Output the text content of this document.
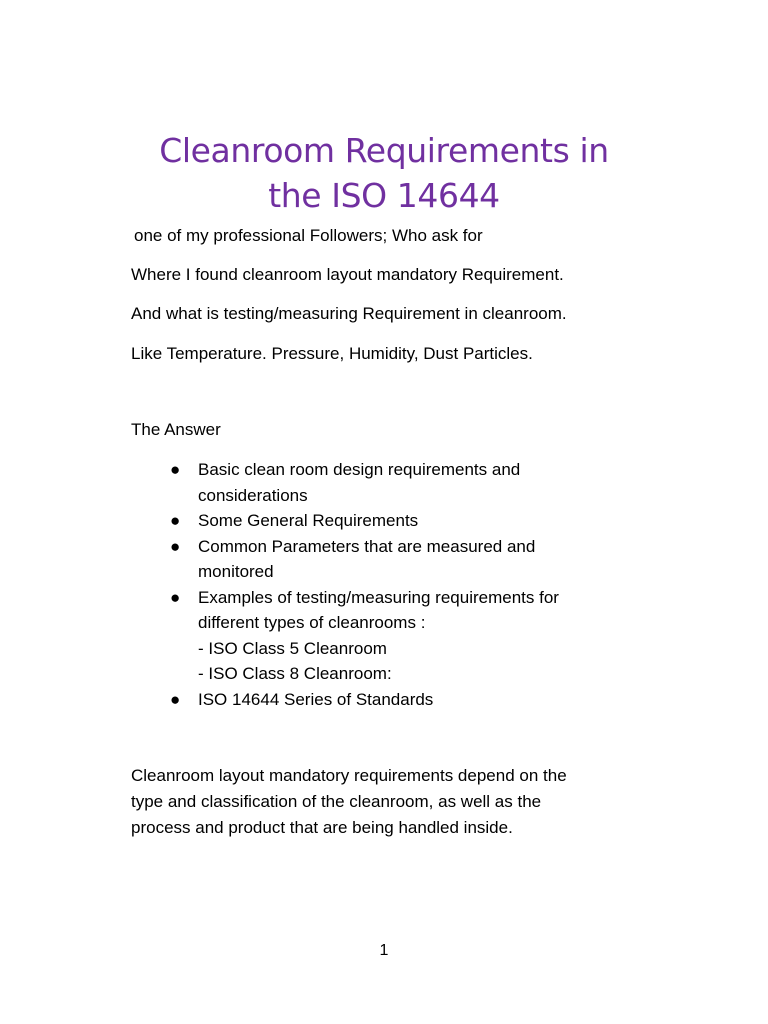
Cleanroom Requirements in
the ISO 14644
one of my professional Followers; Who ask for
Where I found cleanroom layout mandatory Requirement.
And what is testing/measuring Requirement in cleanroom.
Like Temperature. Pressure, Humidity, Dust Particles.
The Answer
● Basic clean room design requirements and
considerations
● Some General Requirements
● Common Parameters that are measured and
monitored
● Examples of testing/measuring requirements for
different types of cleanrooms :
- ISO Class 5 Cleanroom
- ISO Class 8 Cleanroom:
● ISO 14644 Series of Standards
Cleanroom layout mandatory requirements depend on the
type and classification of the cleanroom, as well as the
process and product that are being handled inside.
1
